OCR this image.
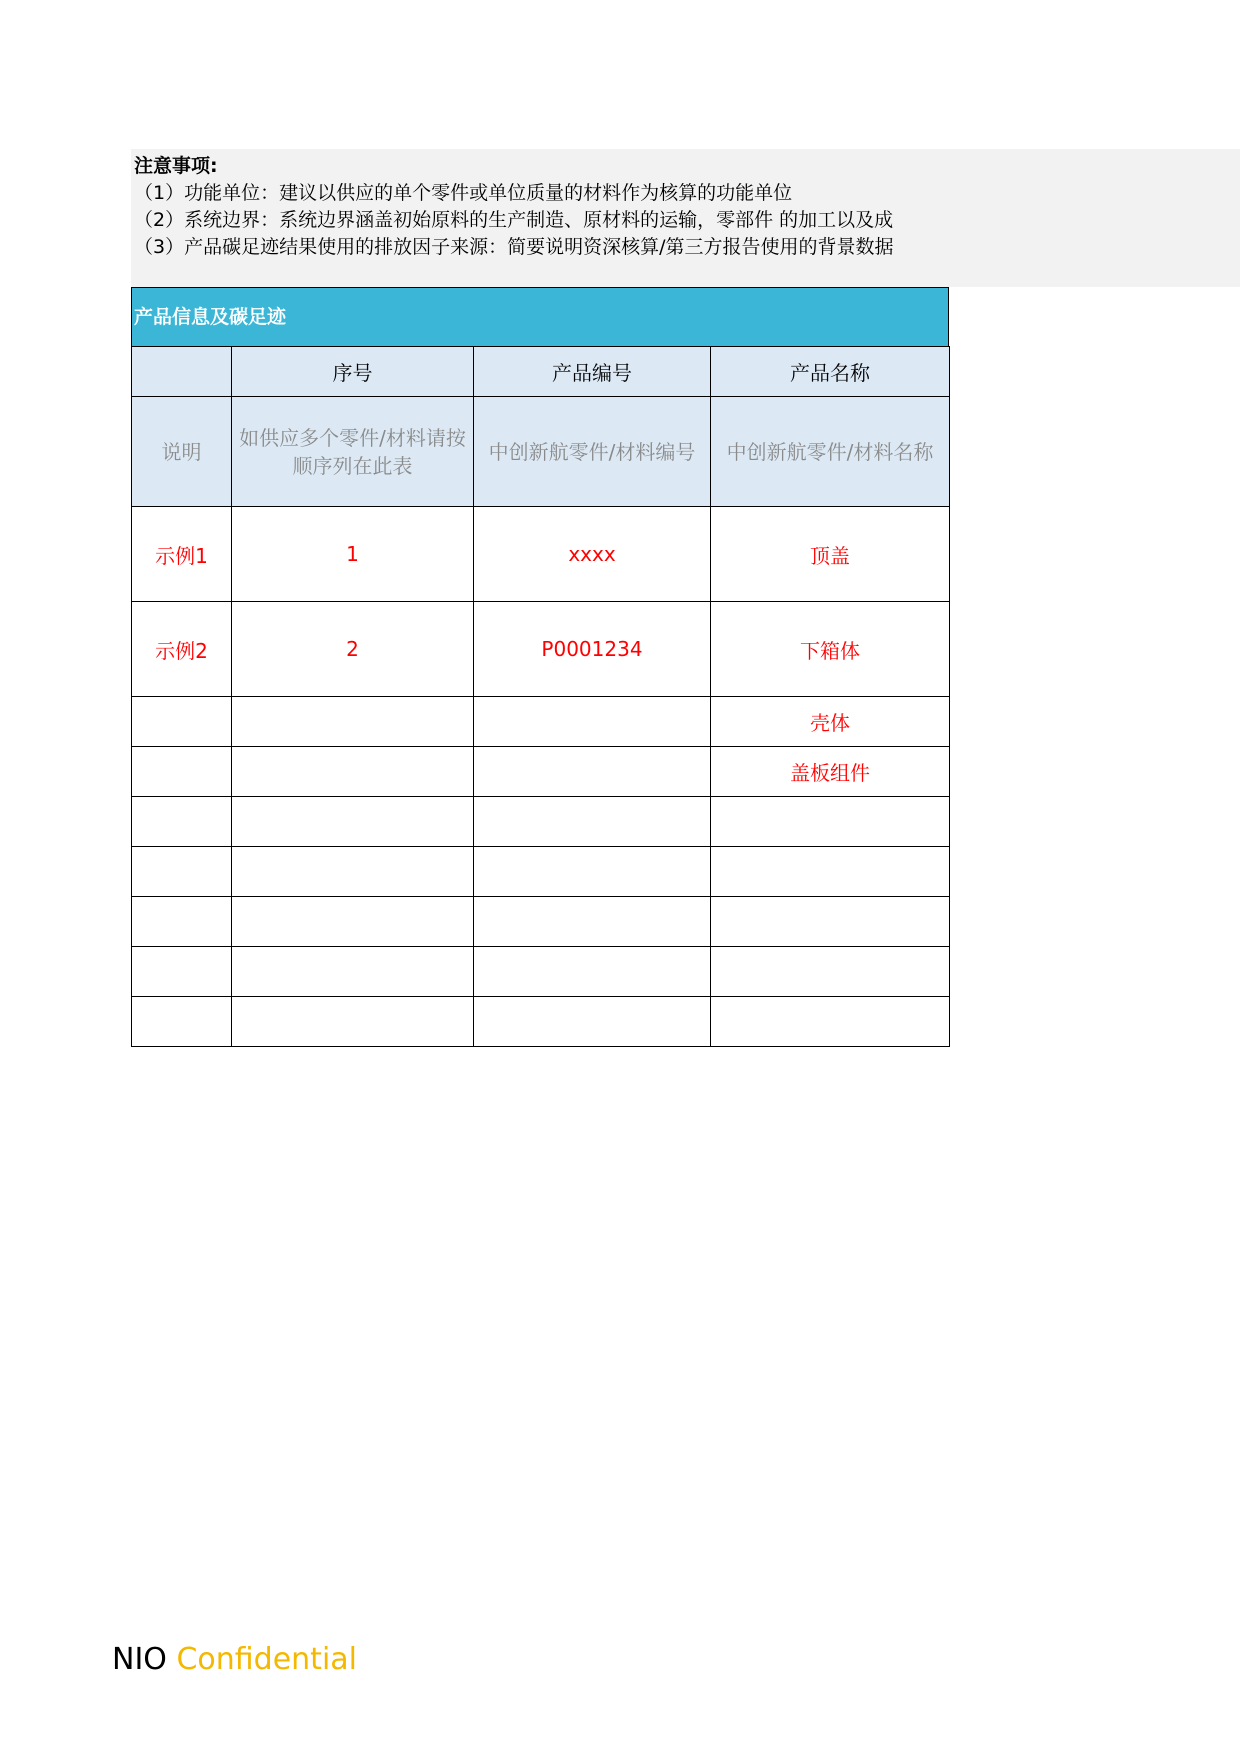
注意事项:
（1）功能单位：建议以供应的单个零件或单位质量的材料作为核算的功能单位
（2）系统边界：系统边界涵盖初始原料的生产制造、原材料的运输，零部件 的加工以及成
（3）产品碳足迹结果使用的排放因子来源：简要说明资深核算/第三方报告使用的背景数据
产品信息及碳足迹
	序号	产品编号	产品名称
说明	如供应多个零件/材料请按顺序列在此表	中创新航零件/材料编号	中创新航零件/材料名称
示例1	1	xxxx	顶盖
示例2	2	P0001234	下箱体
			壳体
			盖板组件

NIO Confidential
